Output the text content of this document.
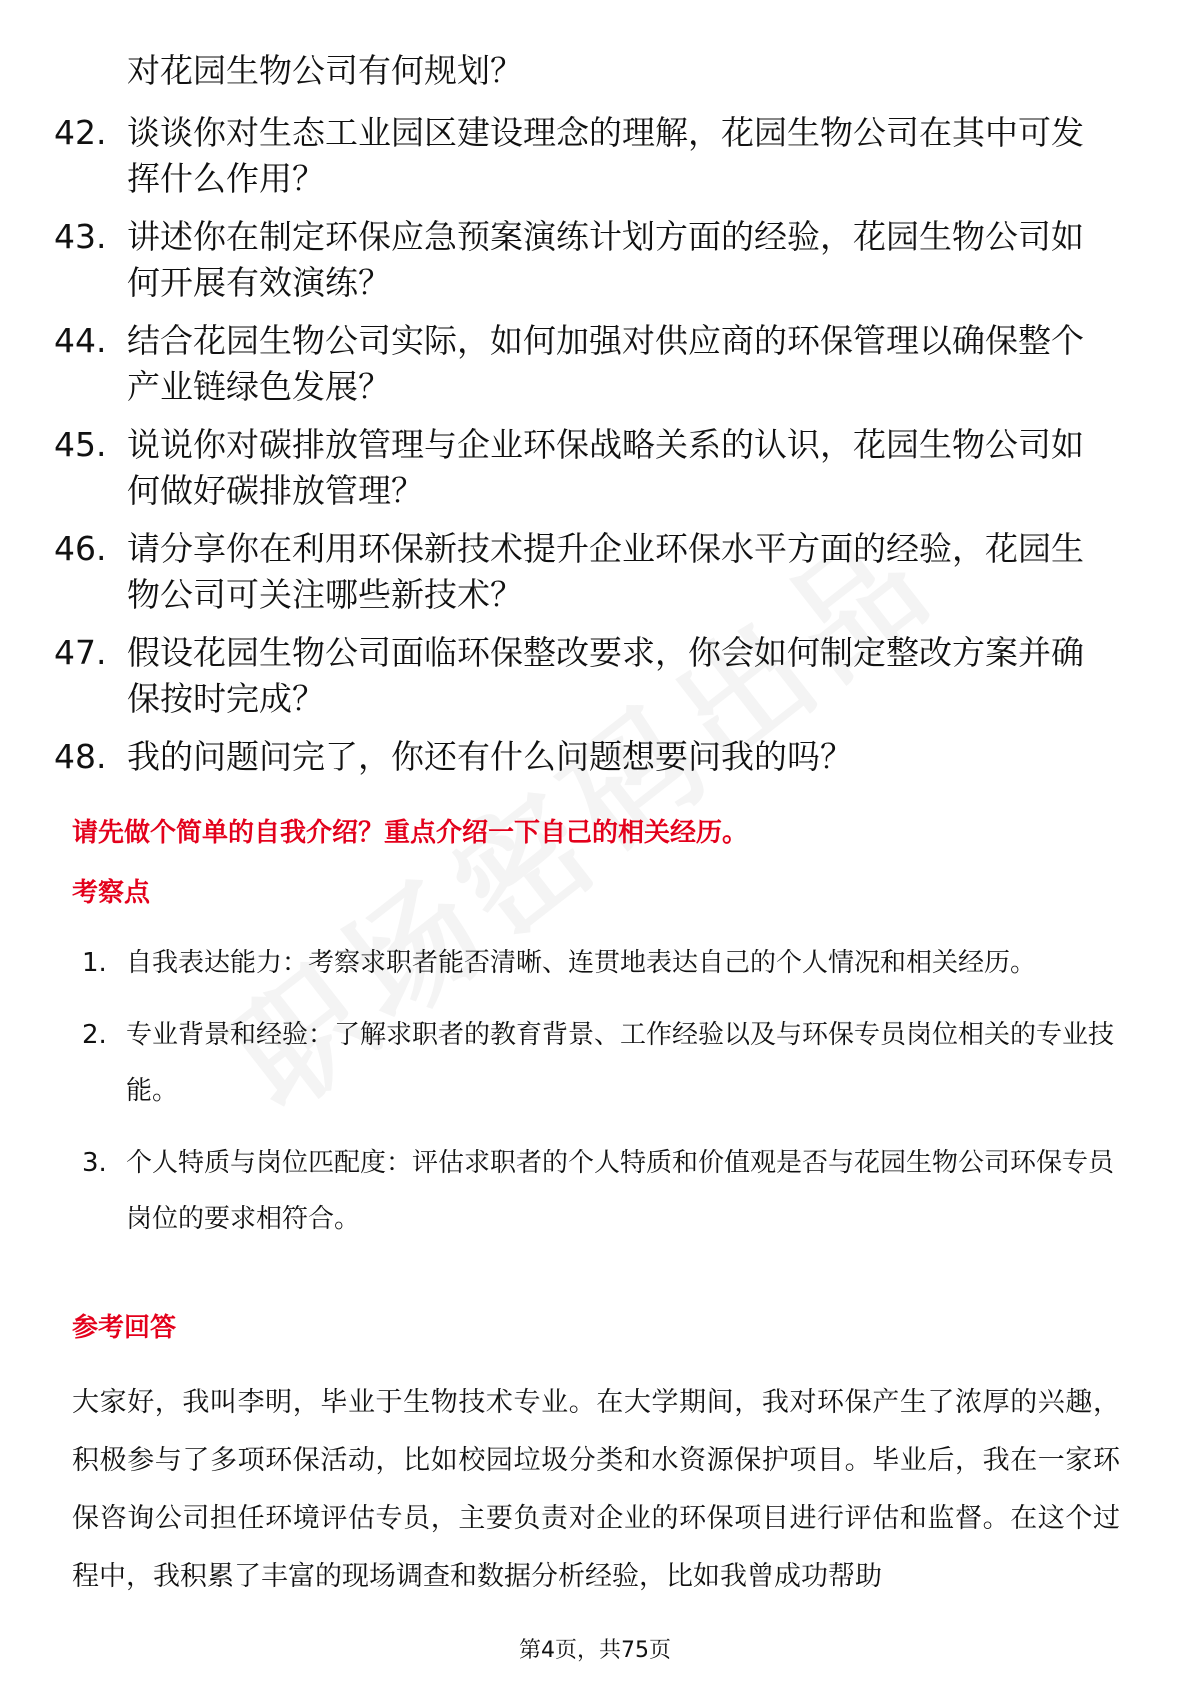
对花园生物公司有何规划？
42. 谈谈你对生态工业园区建设理念的理解，花园生物公司在其中可发挥什么作用？
43. 讲述你在制定环保应急预案演练计划方面的经验，花园生物公司如何开展有效演练？
44. 结合花园生物公司实际，如何加强对供应商的环保管理以确保整个产业链绿色发展？
45. 说说你对碳排放管理与企业环保战略关系的认识，花园生物公司如何做好碳排放管理？
46. 请分享你在利用环保新技术提升企业环保水平方面的经验，花园生物公司可关注哪些新技术？
47. 假设花园生物公司面临环保整改要求，你会如何制定整改方案并确保按时完成？
48. 我的问题问完了，你还有什么问题想要问我的吗？
请先做个简单的自我介绍？重点介绍一下自己的相关经历。
考察点
1. 自我表达能力：考察求职者能否清晰、连贯地表达自己的个人情况和相关经历。
2. 专业背景和经验：了解求职者的教育背景、工作经验以及与环保专员岗位相关的专业技能。
3. 个人特质与岗位匹配度：评估求职者的个人特质和价值观是否与花园生物公司环保专员岗位的要求相符合。
参考回答
大家好，我叫李明，毕业于生物技术专业。在大学期间，我对环保产生了浓厚的兴趣，积极参与了多项环保活动，比如校园垃圾分类和水资源保护项目。毕业后，我在一家环保咨询公司担任环境评估专员，主要负责对企业的环保项目进行评估和监督。在这个过程中，我积累了丰富的现场调查和数据分析经验，比如我曾成功帮助
第4页，共75页
